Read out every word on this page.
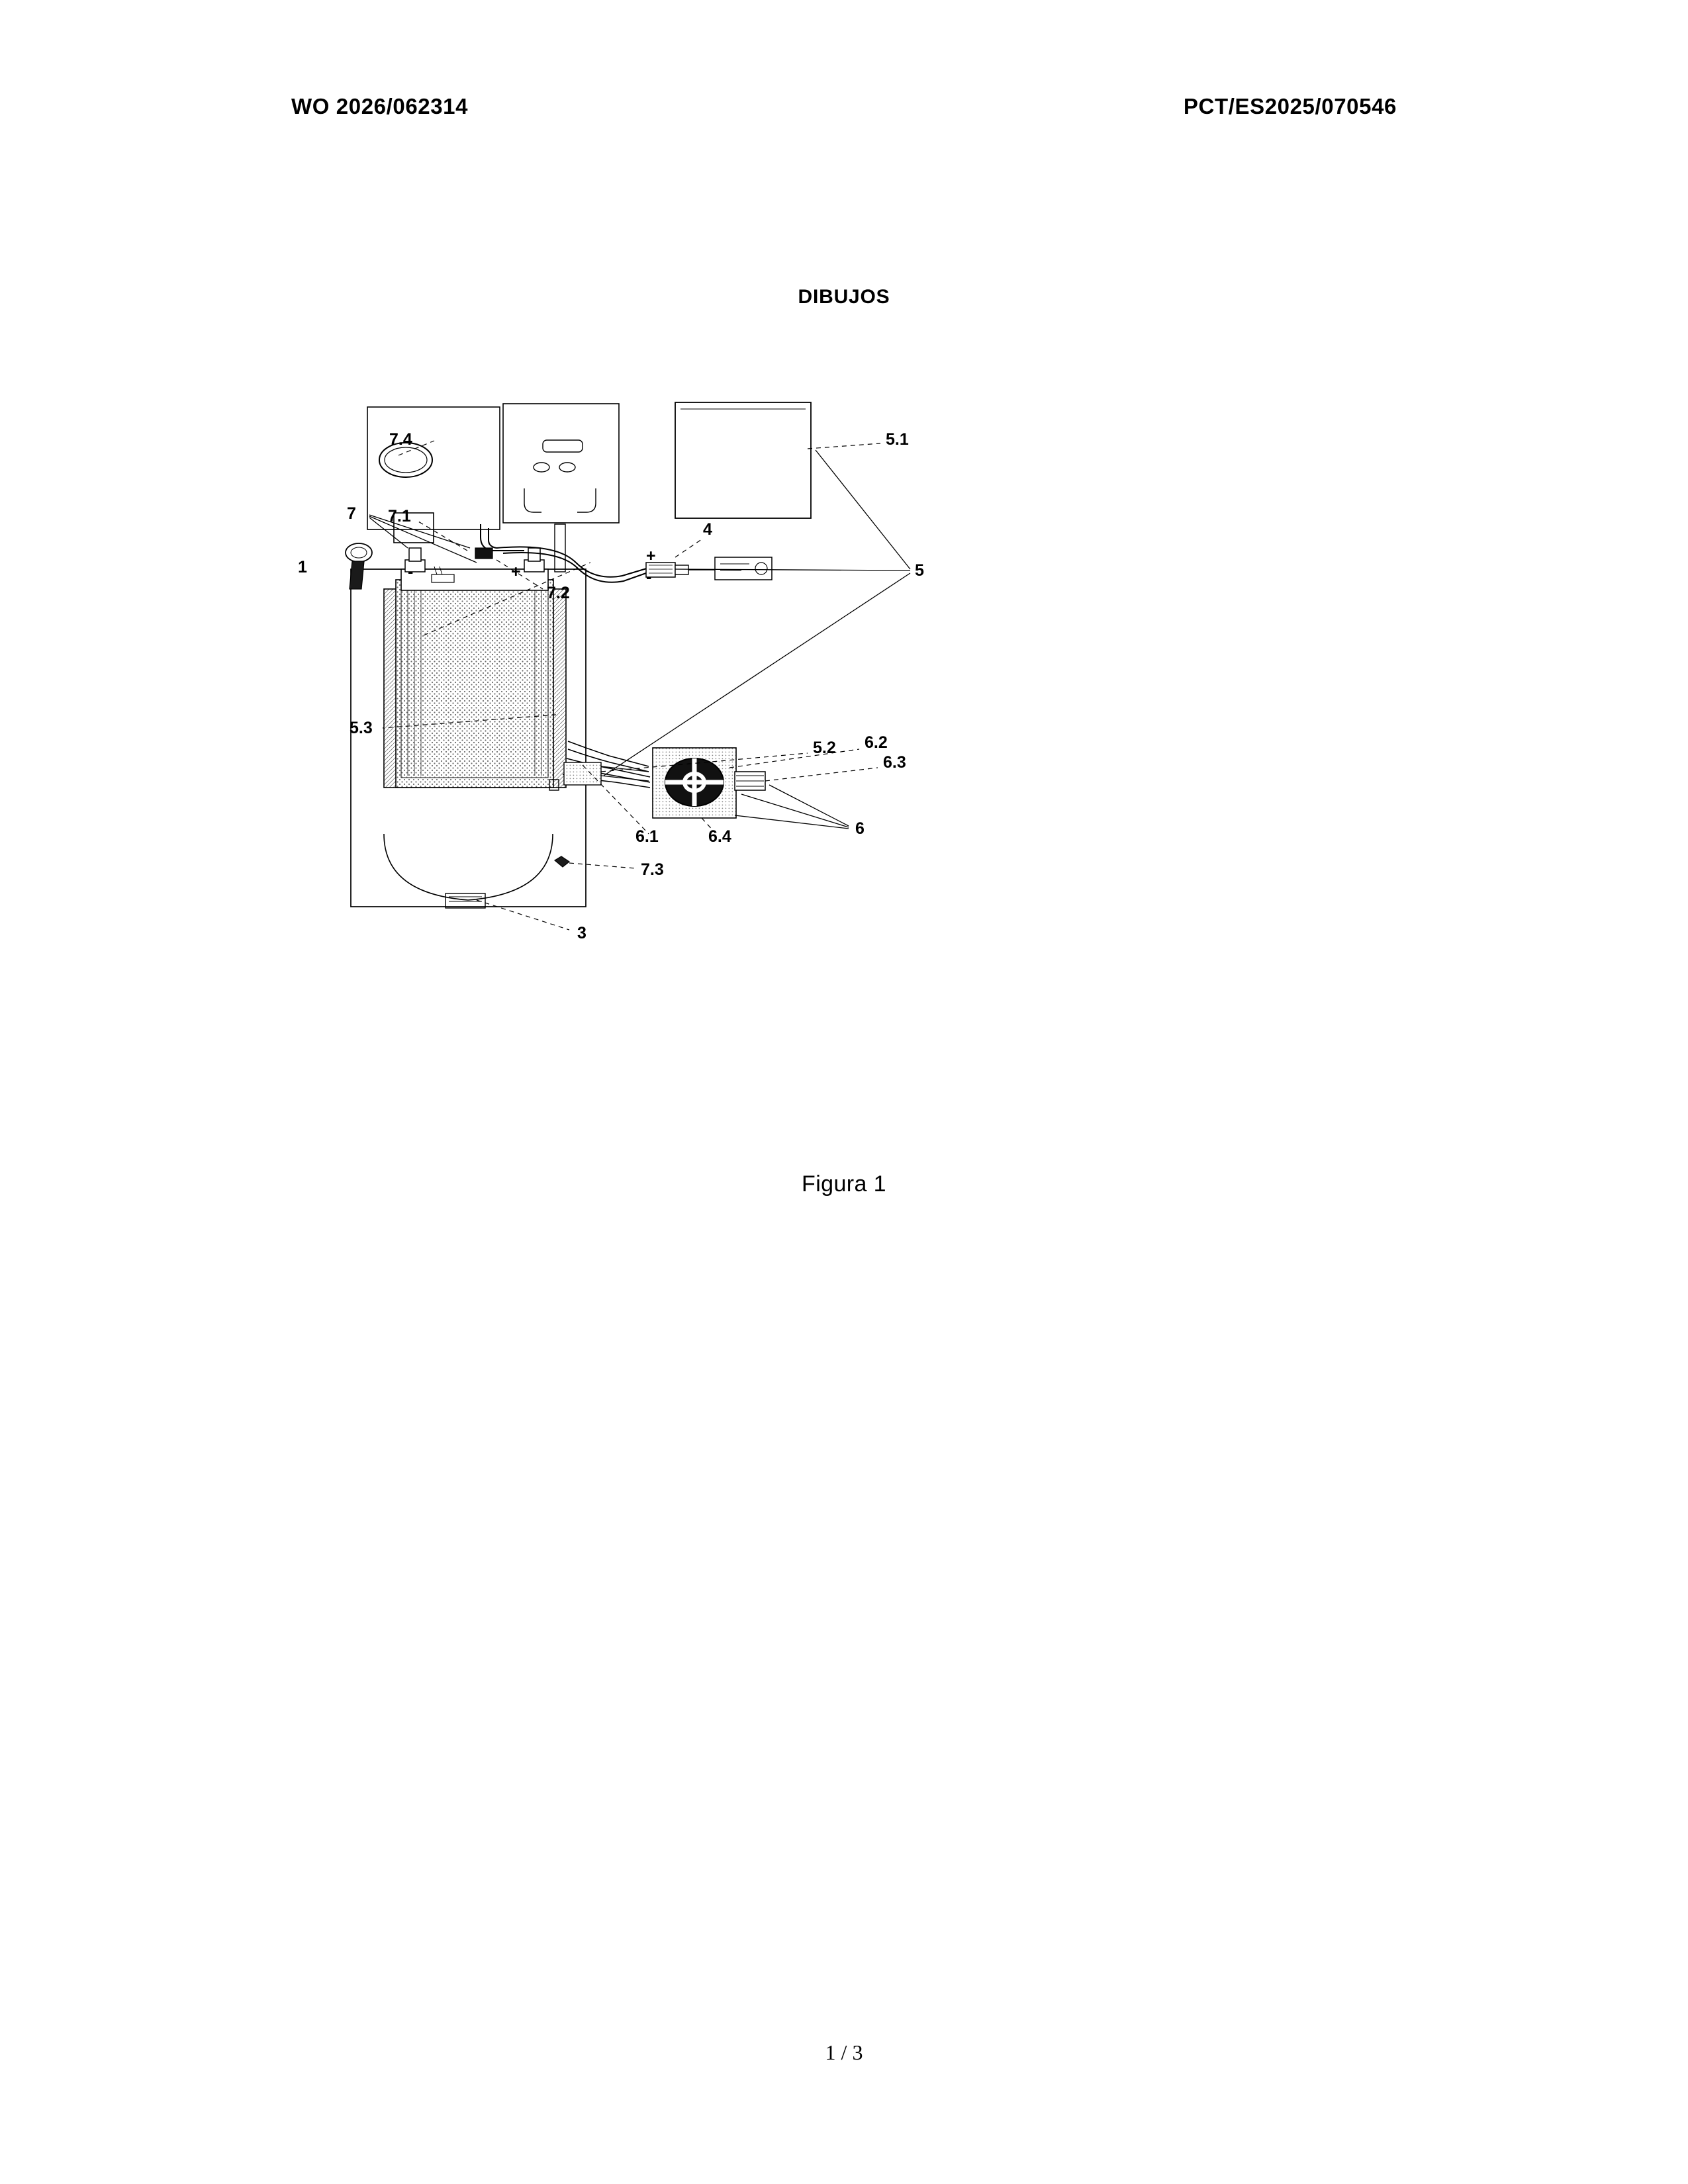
WO 2026/062314	PCT/ES2025/070546
DIBUJOS
1
3
4
5
5.1
5.2
5.3
6
6.1
6.2
6.3
6.4
7 7.1
7.2
7.3
7.4
+
-
+
-
Figura 1
1 / 3
